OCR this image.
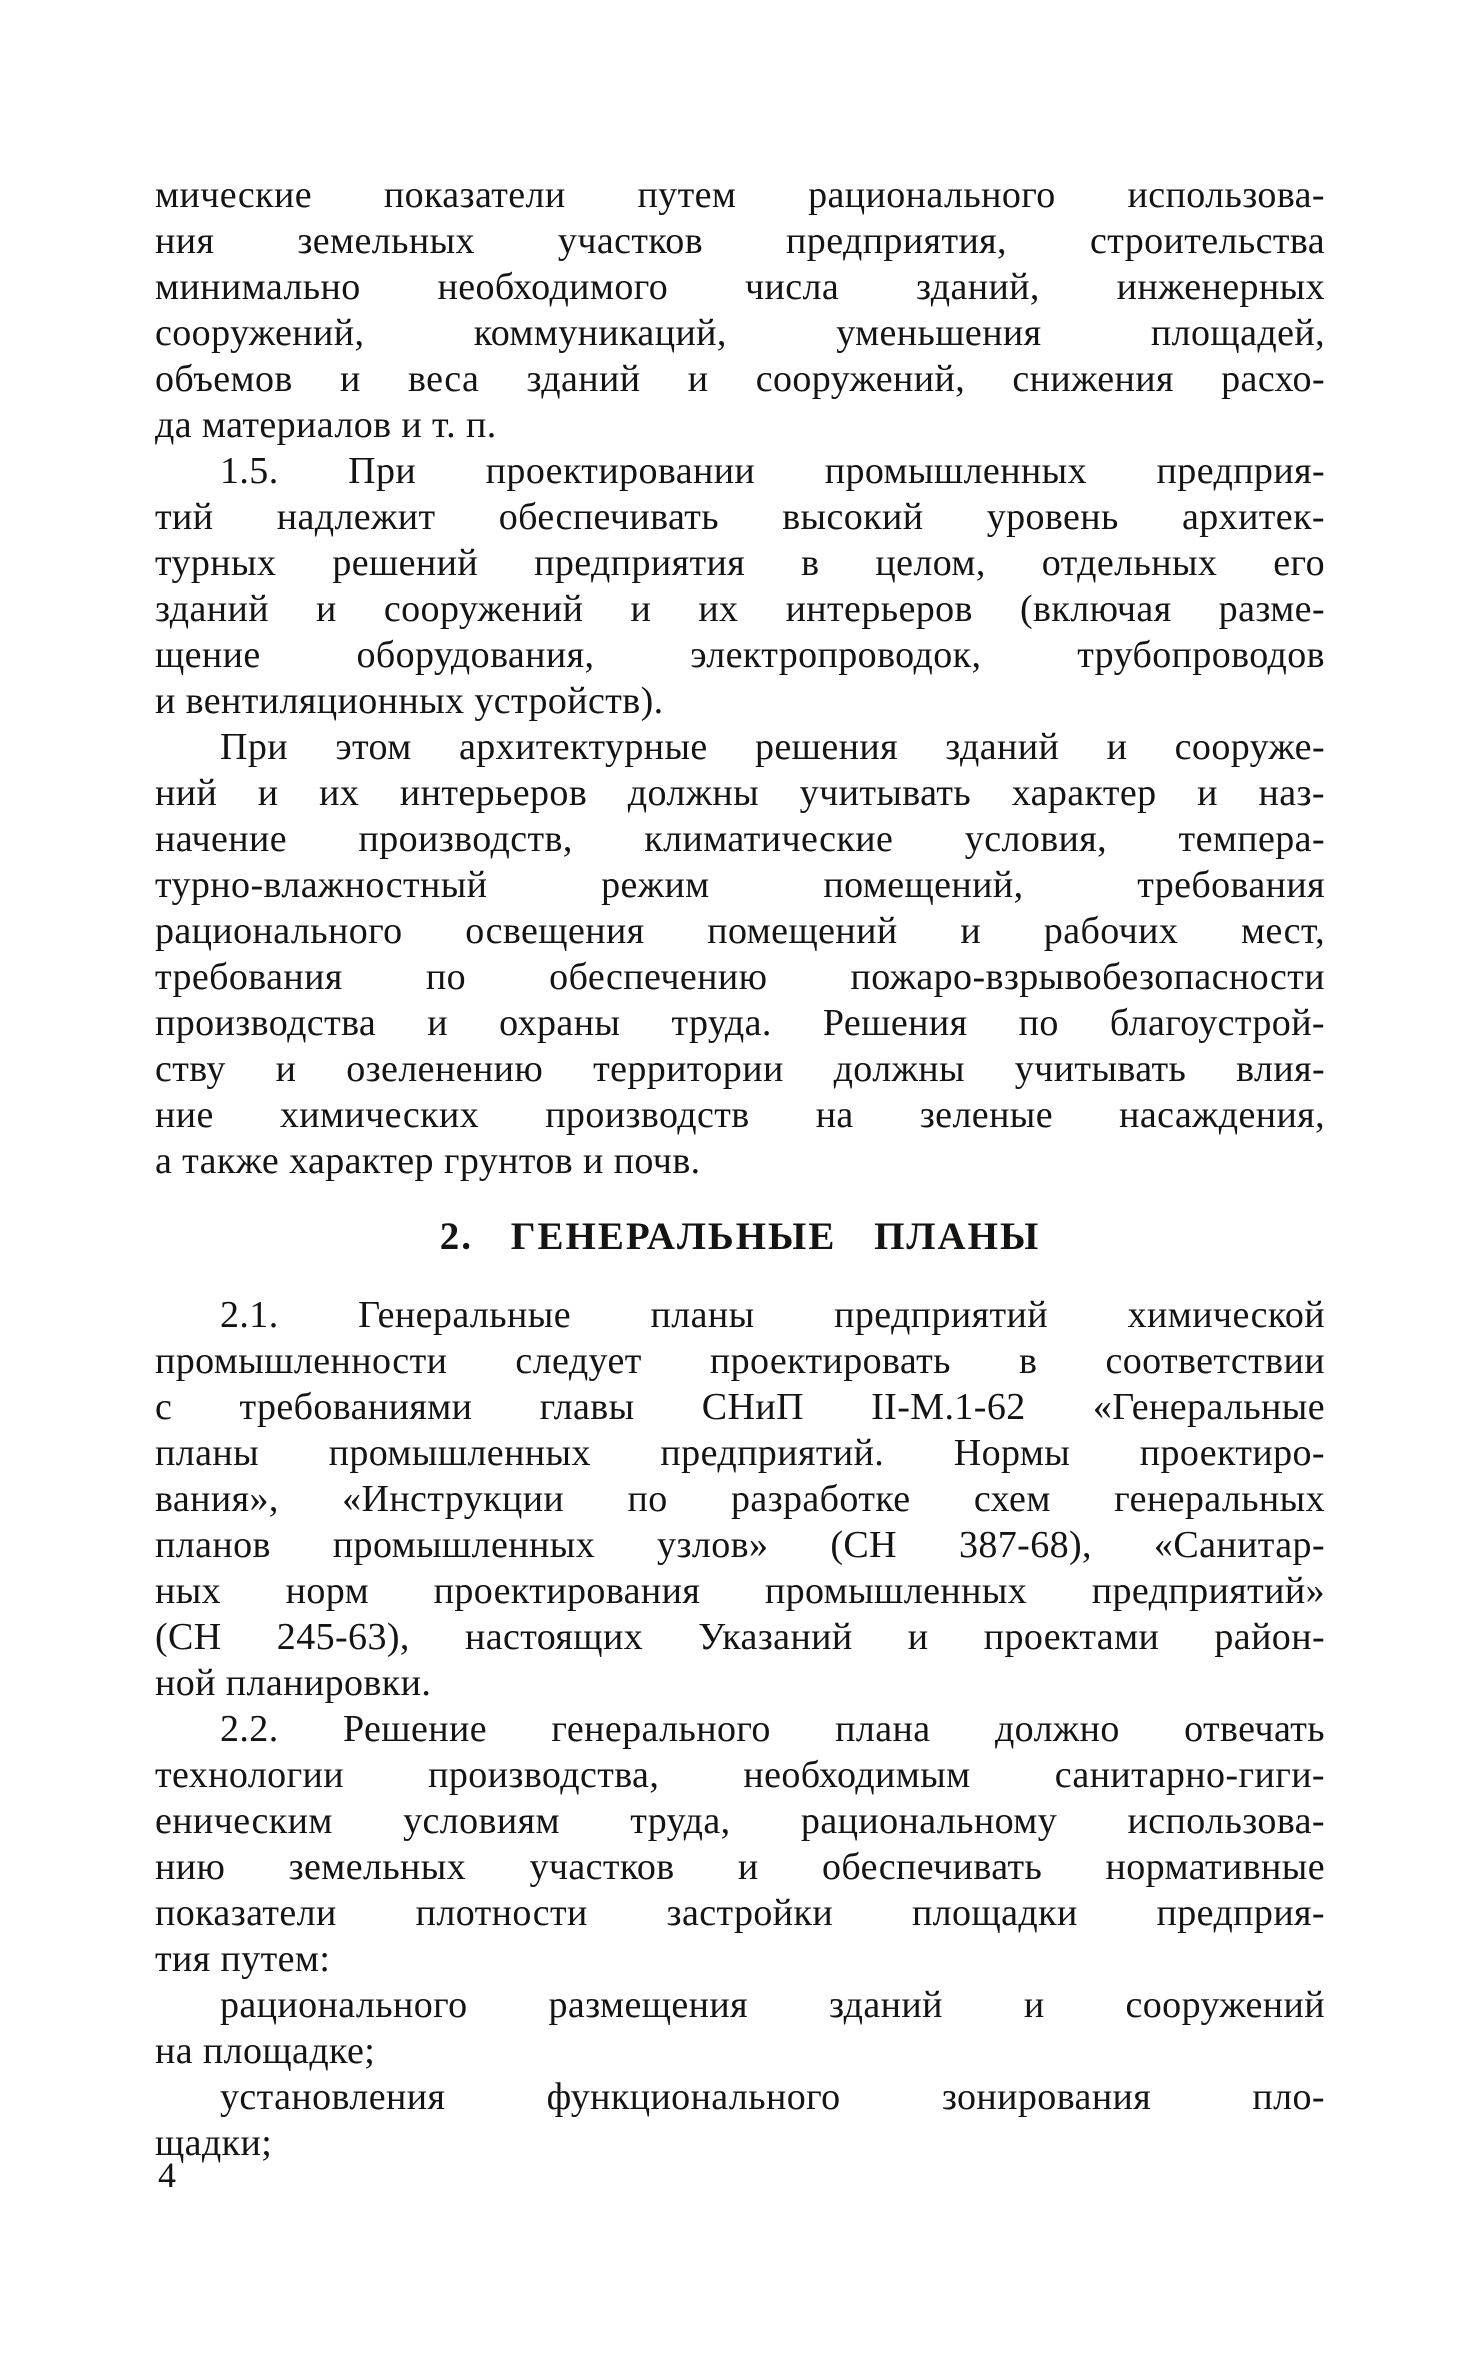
мические показатели путем рационального использова-
ния земельных участков предприятия, строительства
минимально необходимого числа зданий, инженерных
сооружений, коммуникаций, уменьшения площадей,
объемов и веса зданий и сооружений, снижения расхо-
да материалов и т. п.
1.5. При проектировании промышленных предприя-
тий надлежит обеспечивать высокий уровень архитек-
турных решений предприятия в целом, отдельных его
зданий и сооружений и их интерьеров (включая разме-
щение оборудования, электропроводок, трубопроводов
и вентиляционных устройств).
При этом архитектурные решения зданий и сооруже-
ний и их интерьеров должны учитывать характер и наз-
начение производств, климатические условия, темпера-
турно-влажностный режим помещений, требования
рационального освещения помещений и рабочих мест,
требования по обеспечению пожаро-взрывобезопасности
производства и охраны труда. Решения по благоустрой-
ству и озеленению территории должны учитывать влия-
ние химических производств на зеленые насаждения,
а также характер грунтов и почв.
2. ГЕНЕРАЛЬНЫЕ ПЛАНЫ
2.1. Генеральные планы предприятий химической
промышленности следует проектировать в соответствии
с требованиями главы СНиП II-М.1-62 «Генеральные
планы промышленных предприятий. Нормы проектиро-
вания», «Инструкции по разработке схем генеральных
планов промышленных узлов» (СН 387-68), «Санитар-
ных норм проектирования промышленных предприятий»
(СН 245-63), настоящих Указаний и проектами район-
ной планировки.
2.2. Решение генерального плана должно отвечать
технологии производства, необходимым санитарно-гиги-
еническим условиям труда, рациональному использова-
нию земельных участков и обеспечивать нормативные
показатели плотности застройки площадки предприя-
тия путем:
рационального размещения зданий и сооружений
на площадке;
установления функционального зонирования пло-
щадки;
4
